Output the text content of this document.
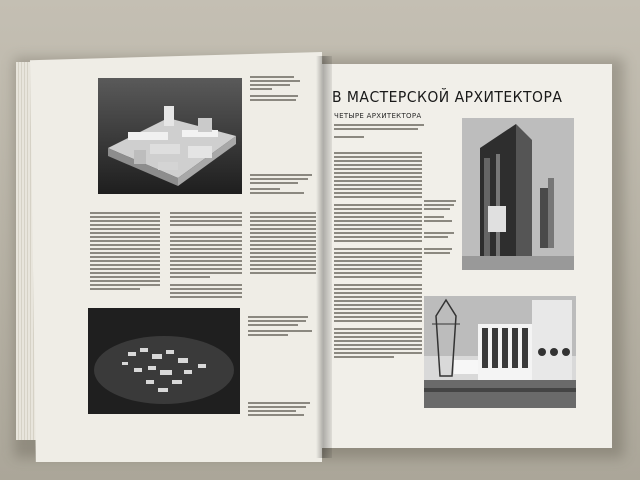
В МАСТЕРСКОЙ АРХИТЕКТОРА
ЧЕТЫРЕ АРХИТЕКТОРА
